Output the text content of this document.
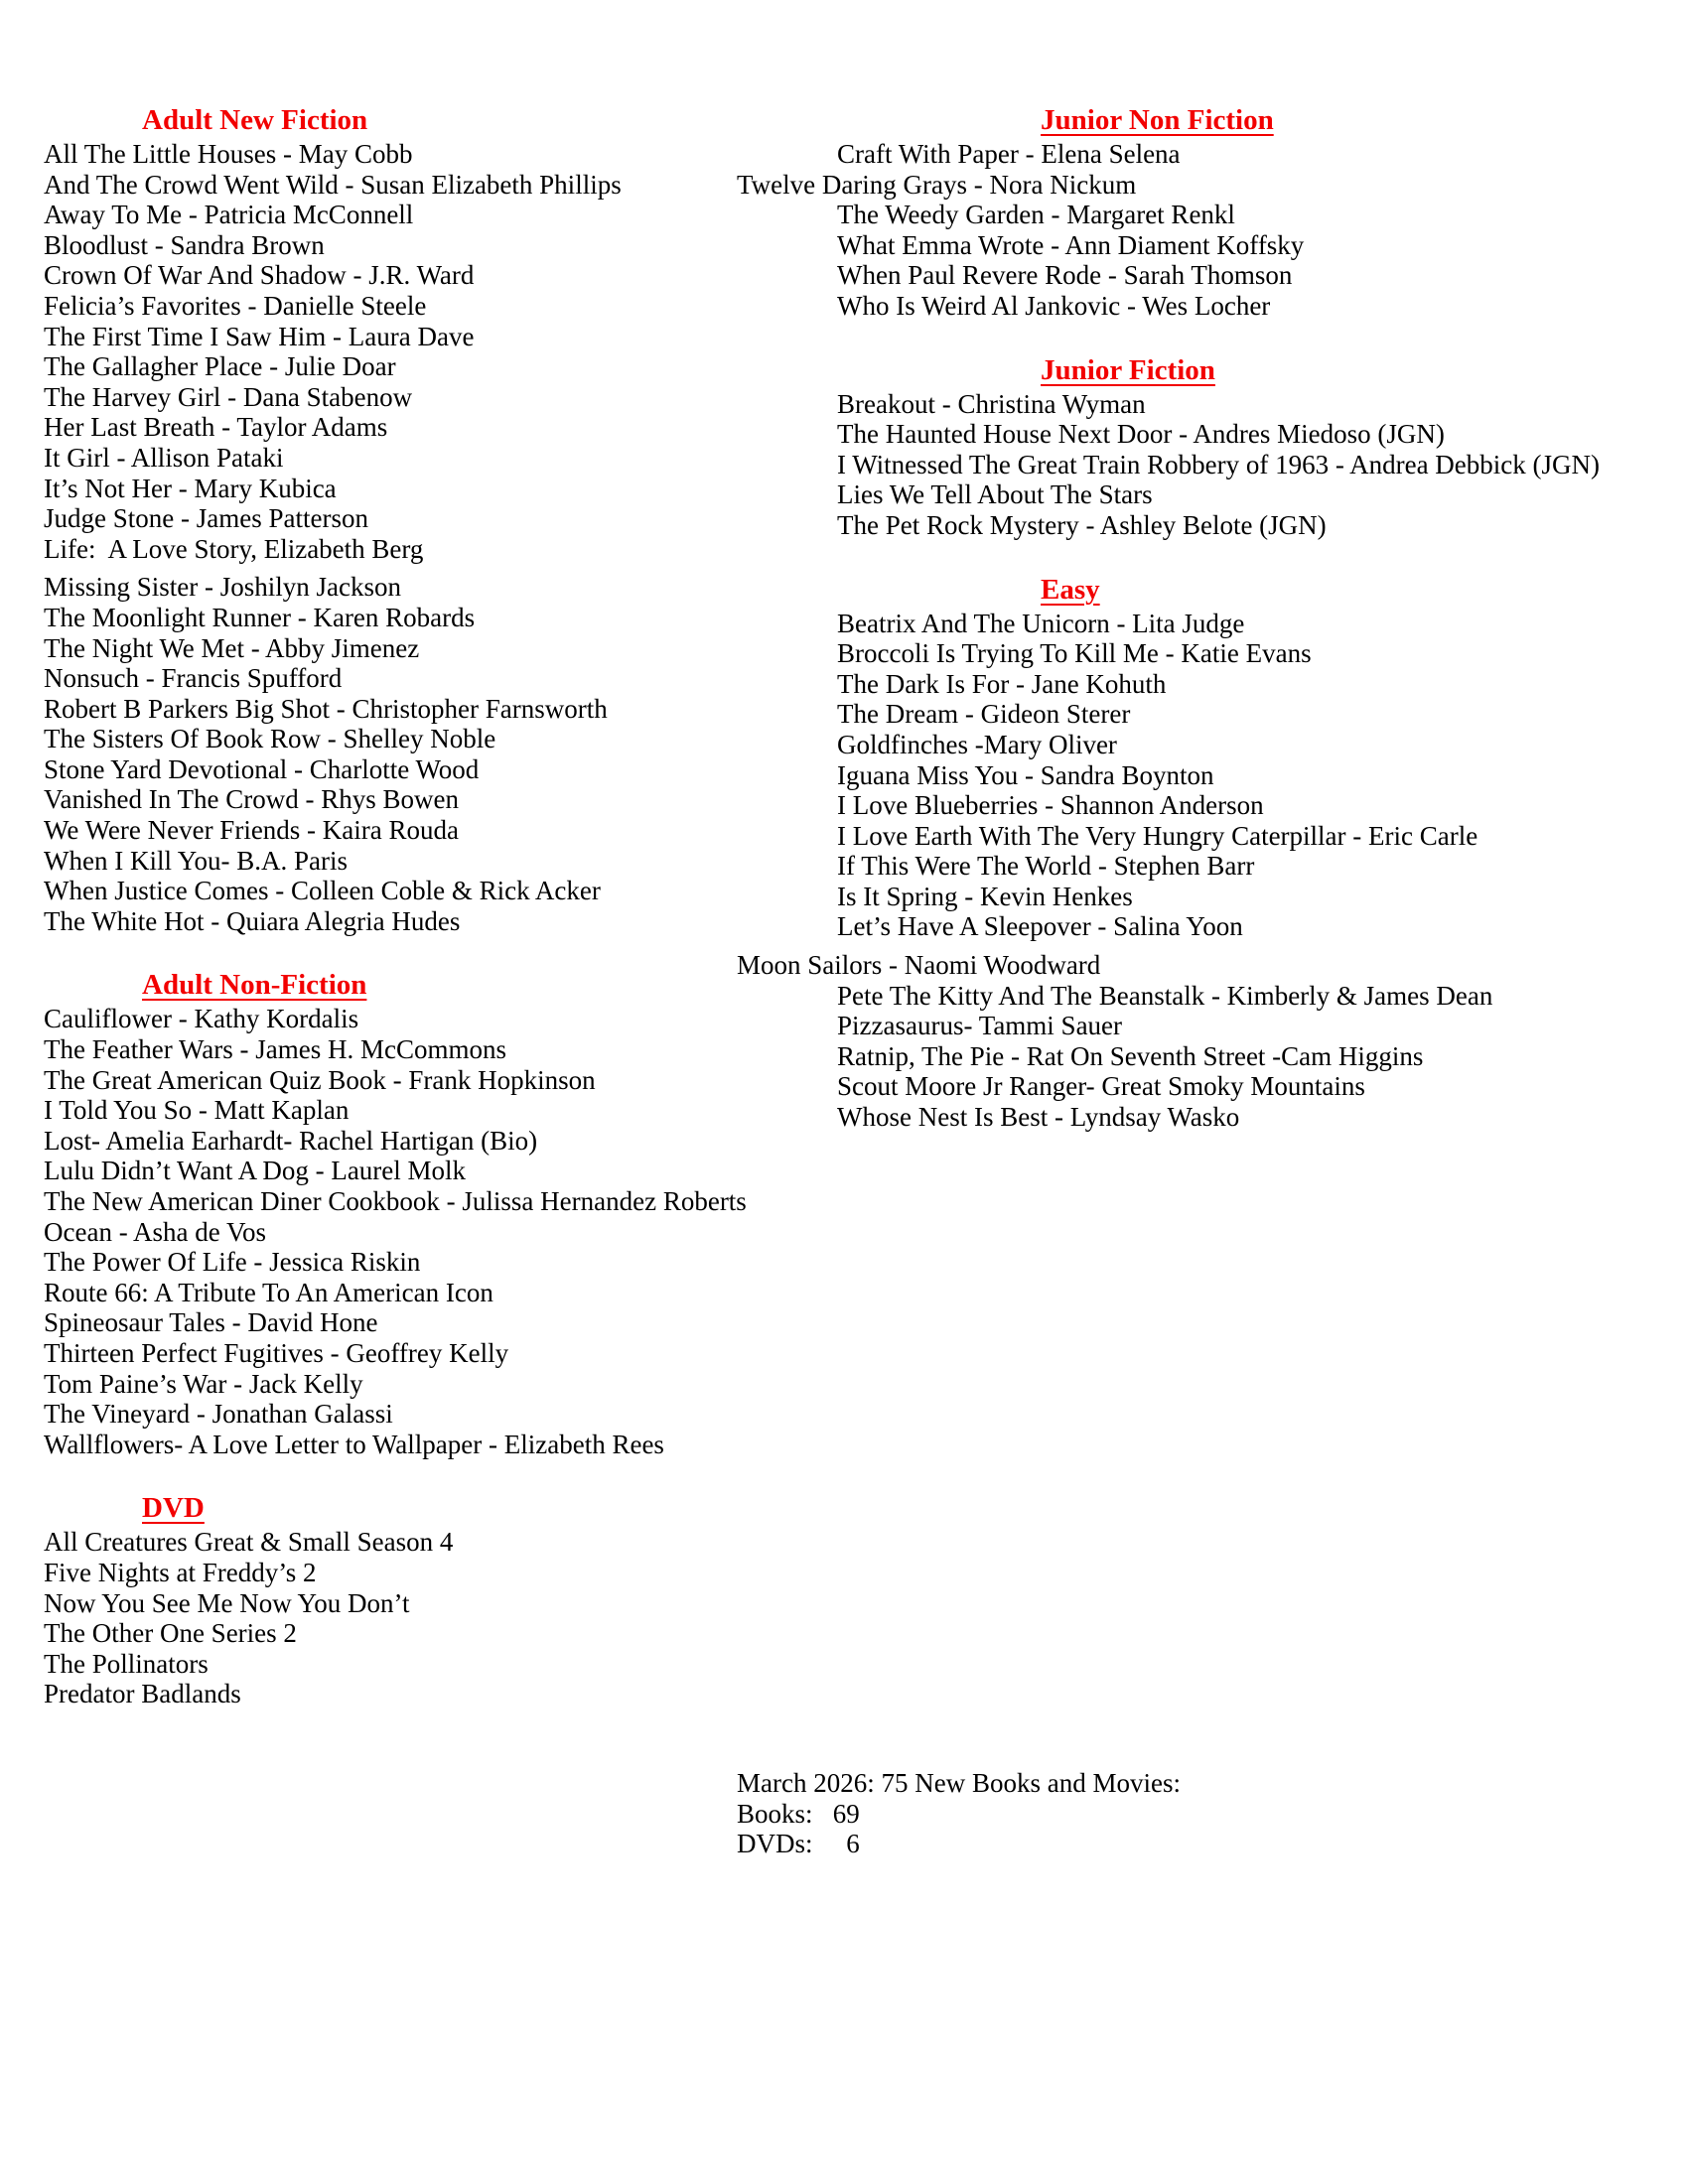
Adult New Fiction
All The Little Houses - May Cobb
And The Crowd Went Wild - Susan Elizabeth Phillips
Away To Me - Patricia McConnell
Bloodlust - Sandra Brown
Crown Of War And Shadow - J.R. Ward
Felicia’s Favorites - Danielle Steele
The First Time I Saw Him - Laura Dave
The Gallagher Place - Julie Doar
The Harvey Girl - Dana Stabenow
Her Last Breath - Taylor Adams
It Girl - Allison Pataki
It’s Not Her - Mary Kubica
Judge Stone - James Patterson
Life:  A Love Story, Elizabeth Berg
Missing Sister - Joshilyn Jackson
The Moonlight Runner - Karen Robards
The Night We Met - Abby Jimenez
Nonsuch - Francis Spufford
Robert B Parkers Big Shot - Christopher Farnsworth
The Sisters Of Book Row - Shelley Noble
Stone Yard Devotional - Charlotte Wood
Vanished In The Crowd - Rhys Bowen
We Were Never Friends - Kaira Rouda
When I Kill You- B.A. Paris
When Justice Comes - Colleen Coble & Rick Acker
The White Hot - Quiara Alegria Hudes
Adult Non-Fiction
Cauliflower - Kathy Kordalis
The Feather Wars - James H. McCommons
The Great American Quiz Book - Frank Hopkinson
I Told You So - Matt Kaplan
Lost- Amelia Earhardt- Rachel Hartigan (Bio)
Lulu Didn’t Want A Dog - Laurel Molk
The New American Diner Cookbook - Julissa Hernandez Roberts
Ocean - Asha de Vos
The Power Of Life - Jessica Riskin
Route 66: A Tribute To An American Icon
Spineosaur Tales - David Hone
Thirteen Perfect Fugitives - Geoffrey Kelly
Tom Paine’s War - Jack Kelly
The Vineyard - Jonathan Galassi
Wallflowers- A Love Letter to Wallpaper - Elizabeth Rees
DVD
All Creatures Great & Small Season 4
Five Nights at Freddy’s 2
Now You See Me Now You Don’t
The Other One Series 2
The Pollinators
Predator Badlands
Junior Non Fiction
Craft With Paper - Elena Selena
Twelve Daring Grays - Nora Nickum
The Weedy Garden - Margaret Renkl
What Emma Wrote - Ann Diament Koffsky
When Paul Revere Rode - Sarah Thomson
Who Is Weird Al Jankovic - Wes Locher
Junior Fiction
Breakout - Christina Wyman
The Haunted House Next Door - Andres Miedoso (JGN)
I Witnessed The Great Train Robbery of 1963 - Andrea Debbick (JGN)
Lies We Tell About The Stars
The Pet Rock Mystery - Ashley Belote (JGN)
Easy
Beatrix And The Unicorn - Lita Judge
Broccoli Is Trying To Kill Me - Katie Evans
The Dark Is For - Jane Kohuth
The Dream - Gideon Sterer
Goldfinches -Mary Oliver
Iguana Miss You - Sandra Boynton
I Love Blueberries - Shannon Anderson
I Love Earth With The Very Hungry Caterpillar - Eric Carle
If This Were The World - Stephen Barr
Is It Spring - Kevin Henkes
Let’s Have A Sleepover - Salina Yoon
Moon Sailors - Naomi Woodward
Pete The Kitty And The Beanstalk - Kimberly & James Dean
Pizzasaurus- Tammi Sauer
Ratnip, The Pie - Rat On Seventh Street -Cam Higgins
Scout Moore Jr Ranger- Great Smoky Mountains
Whose Nest Is Best - Lyndsay Wasko
March 2026: 75 New Books and Movies:
Books:   69
DVDs:     6
